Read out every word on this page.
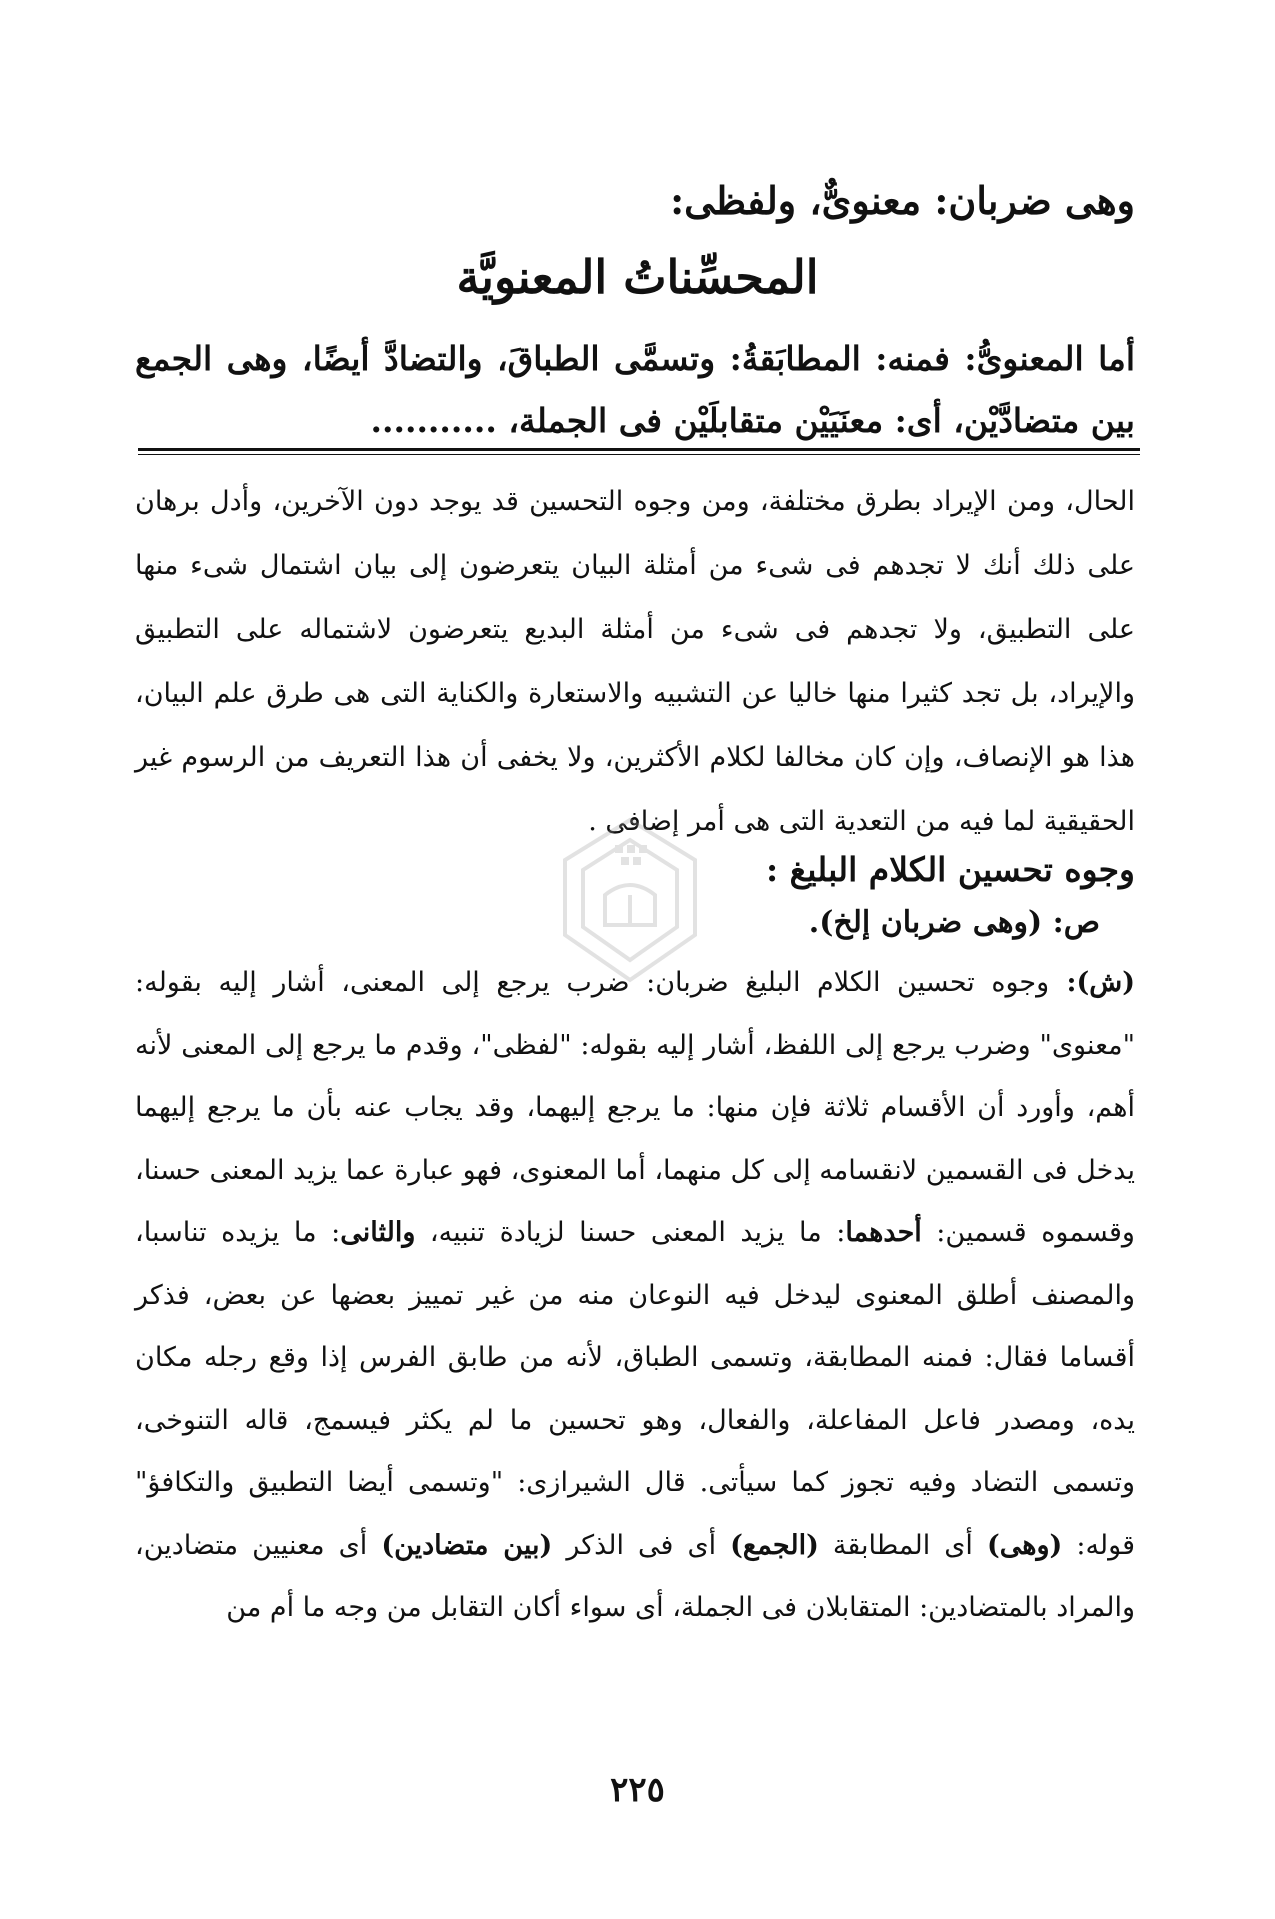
وهى ضربان: معنوىٌّ، ولفظى:
المحسِّناتُ المعنويَّة
أما المعنوىُّ: فمنه: المطابَقةُ: وتسمَّى الطباقَ، والتضادَّ أيضًا، وهى الجمع
بين متضادَّيْن، أى: معنَيَيْن متقابلَيْن فى الجملة، ...........
الحال، ومن الإيراد بطرق مختلفة، ومن وجوه التحسين قد يوجد دون الآخرين، وأدل برهان على ذلك أنك لا تجدهم فى شىء من أمثلة البيان يتعرضون إلى بيان اشتمال شىء منها على التطبيق، ولا تجدهم فى شىء من أمثلة البديع يتعرضون لاشتماله على التطبيق والإيراد، بل تجد كثيرا منها خاليا عن التشبيه والاستعارة والكناية التى هى طرق علم البيان، هذا هو الإنصاف، وإن كان مخالفا لكلام الأكثرين، ولا يخفى أن هذا التعريف من الرسوم غير الحقيقية لما فيه من التعدية التى هى أمر إضافى .
وجوه تحسين الكلام البليغ :
ص: (وهى ضربان إلخ).
(ش): وجوه تحسين الكلام البليغ ضربان: ضرب يرجع إلى المعنى، أشار إليه بقوله: "معنوى" وضرب يرجع إلى اللفظ، أشار إليه بقوله: "لفظى"، وقدم ما يرجع إلى المعنى لأنه أهم، وأورد أن الأقسام ثلاثة فإن منها: ما يرجع إليهما، وقد يجاب عنه بأن ما يرجع إليهما يدخل فى القسمين لانقسامه إلى كل منهما، أما المعنوى، فهو عبارة عما يزيد المعنى حسنا، وقسموه قسمين: أحدهما: ما يزيد المعنى حسنا لزيادة تنبيه، والثانى: ما يزيده تناسبا، والمصنف أطلق المعنوى ليدخل فيه النوعان منه من غير تمييز بعضها عن بعض، فذكر أقساما فقال: فمنه المطابقة، وتسمى الطباق، لأنه من طابق الفرس إذا وقع رجله مكان يده، ومصدر فاعل المفاعلة، والفعال، وهو تحسين ما لم يكثر فيسمج، قاله التنوخى، وتسمى التضاد وفيه تجوز كما سيأتى. قال الشيرازى: "وتسمى أيضا التطبيق والتكافؤ" قوله: (وهى) أى المطابقة (الجمع) أى فى الذكر (بين متضادين) أى معنيين متضادين، والمراد بالمتضادين: المتقابلان فى الجملة، أى سواء أكان التقابل من وجه ما أم من
٢٢٥
